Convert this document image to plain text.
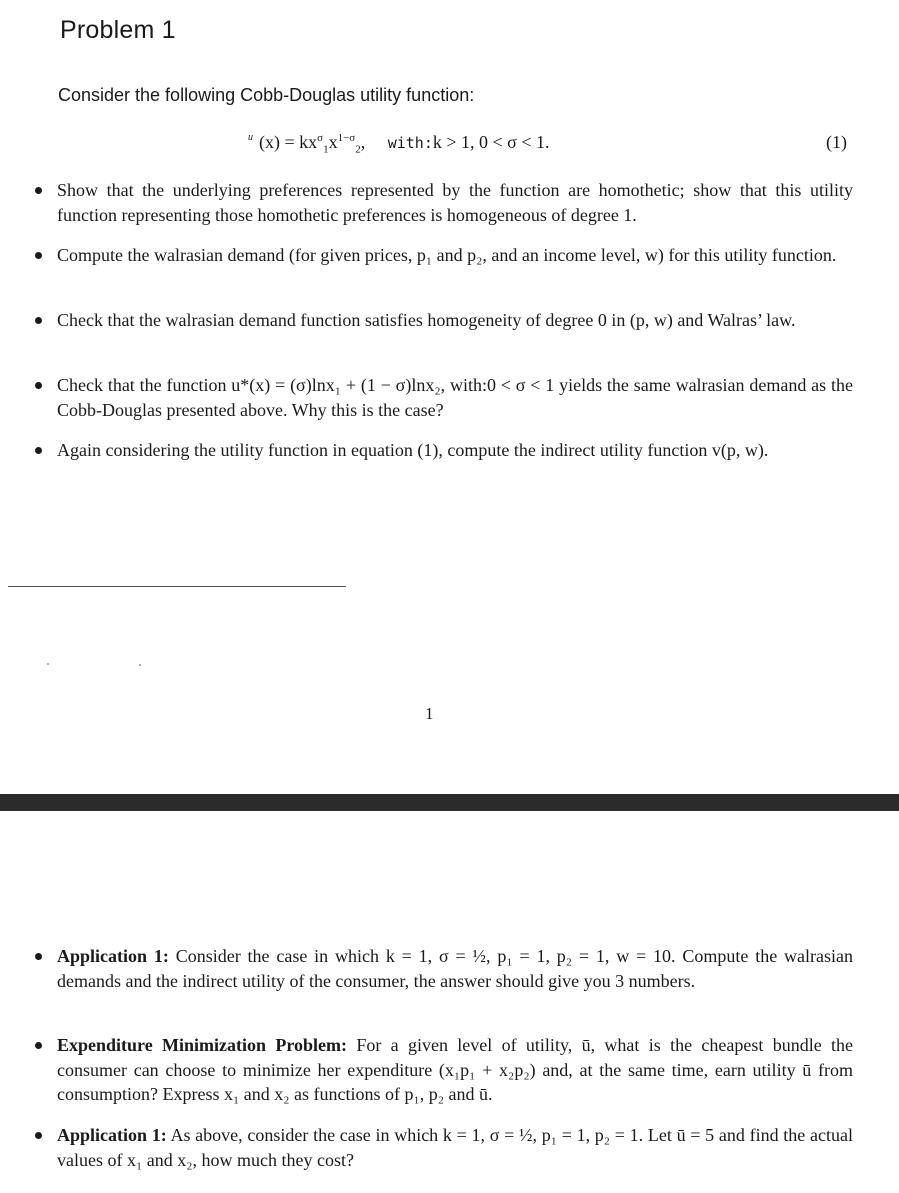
Problem 1
Consider the following Cobb-Douglas utility function:
$^u$ $(x) = kx^\sigma_1x^{1-\sigma}_2$, with:k > 1, 0 < σ < 1.	(1)
Show that the underlying preferences represented by the function are homothetic; show that this utility function representing those homothetic preferences is homogeneous of degree 1.
Compute the walrasian demand (for given prices, p₁ and p₂, and an income level, w) for this utility function.
Check that the walrasian demand function satisfies homogeneity of degree 0 in (p, w) and Walras’ law.
Check that the function u*(x) = (σ)lnx₁ + (1 − σ)lnx₂, with:0 < σ < 1 yields the same walrasian demand as the Cobb-Douglas presented above. Why this is the case?
Again considering the utility function in equation (1), compute the indirect utility function v(p, w).
1
Application 1: Consider the case in which k = 1, σ = ½, p₁ = 1, p₂ = 1, w = 10. Compute the walrasian demands and the indirect utility of the consumer, the answer should give you 3 numbers.
Expenditure Minimization Problem: For a given level of utility, ū, what is the cheapest bundle the consumer can choose to minimize her expenditure (x₁p₁ + x₂p₂) and, at the same time, earn utility ū from consumption? Express x₁ and x₂ as functions of p₁, p₂ and ū.
Application 1: As above, consider the case in which k = 1, σ = ½, p₁ = 1, p₂ = 1. Let ū = 5 and find the actual values of x₁ and x₂, how much they cost?
